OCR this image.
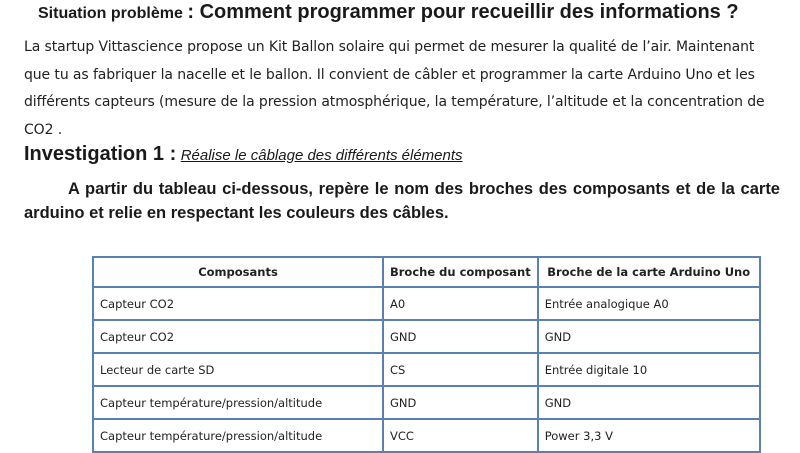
Situation problème : Comment programmer pour recueillir des informations ?
La startup Vittascience propose un Kit Ballon solaire qui permet de mesurer la qualité de l’air. Maintenant que tu as fabriquer la nacelle et le ballon. Il convient de câbler et programmer la carte Arduino Uno et les différents capteurs (mesure de la pression atmosphérique, la température, l’altitude et la concentration de CO2 .
Investigation 1 : Réalise le câblage des différents éléments
A partir du tableau ci-dessous, repère le nom des broches des composants et de la carte arduino et relie en respectant les couleurs des câbles.
Composants	Broche du composant	Broche de la carte Arduino Uno
Capteur CO2	A0	Entrée analogique A0
Capteur CO2	GND	GND
Lecteur de carte SD	CS	Entrée digitale 10
Capteur température/pression/altitude	GND	GND
Capteur température/pression/altitude	VCC	Power 3,3 V
